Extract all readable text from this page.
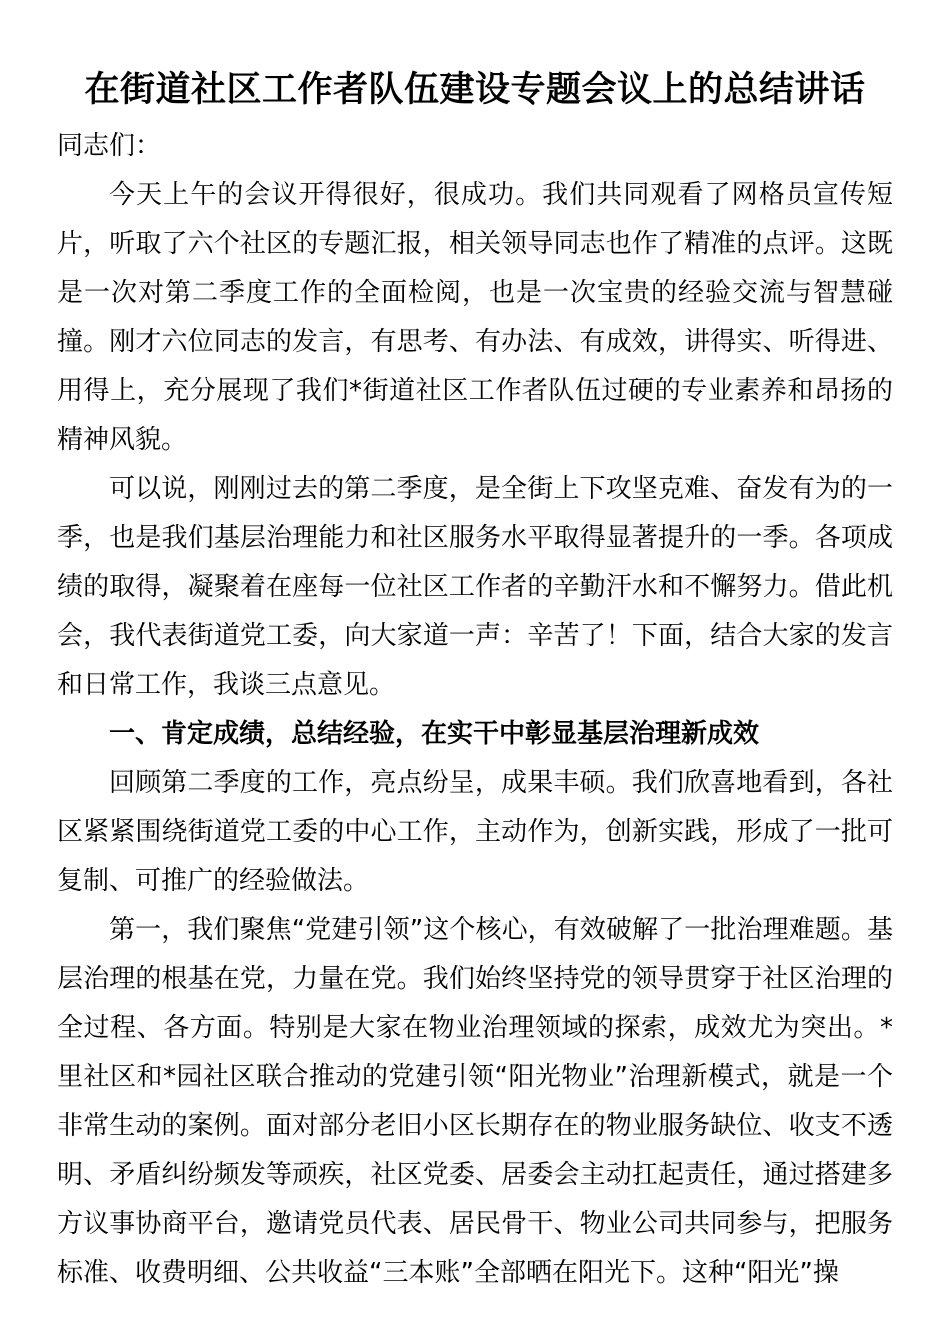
在街道社区工作者队伍建设专题会议上的总结讲话

同志们：

今天上午的会议开得很好，很成功。我们共同观看了网格员宣传短片，听取了六个社区的专题汇报，相关领导同志也作了精准的点评。这既是一次对第二季度工作的全面检阅，也是一次宝贵的经验交流与智慧碰撞。刚才六位同志的发言，有思考、有办法、有成效，讲得实、听得进、用得上，充分展现了我们*街道社区工作者队伍过硬的专业素养和昂扬的精神风貌。

可以说，刚刚过去的第二季度，是全街上下攻坚克难、奋发有为的一季，也是我们基层治理能力和社区服务水平取得显著提升的一季。各项成绩的取得，凝聚着在座每一位社区工作者的辛勤汗水和不懈努力。借此机会，我代表街道党工委，向大家道一声：辛苦了！下面，结合大家的发言和日常工作，我谈三点意见。

一、肯定成绩，总结经验，在实干中彰显基层治理新成效

回顾第二季度的工作，亮点纷呈，成果丰硕。我们欣喜地看到，各社区紧紧围绕街道党工委的中心工作，主动作为，创新实践，形成了一批可复制、可推广的经验做法。

第一，我们聚焦“党建引领”这个核心，有效破解了一批治理难题。基层治理的根基在党，力量在党。我们始终坚持党的领导贯穿于社区治理的全过程、各方面。特别是大家在物业治理领域的探索，成效尤为突出。*里社区和*园社区联合推动的党建引领“阳光物业”治理新模式，就是一个非常生动的案例。面对部分老旧小区长期存在的物业服务缺位、收支不透明、矛盾纠纷频发等顽疾，社区党委、居委会主动扛起责任，通过搭建多方议事协商平台，邀请党员代表、居民骨干、物业公司共同参与，把服务标准、收费明细、公共收益“三本账”全部晒在阳光下。这种“阳光”操
